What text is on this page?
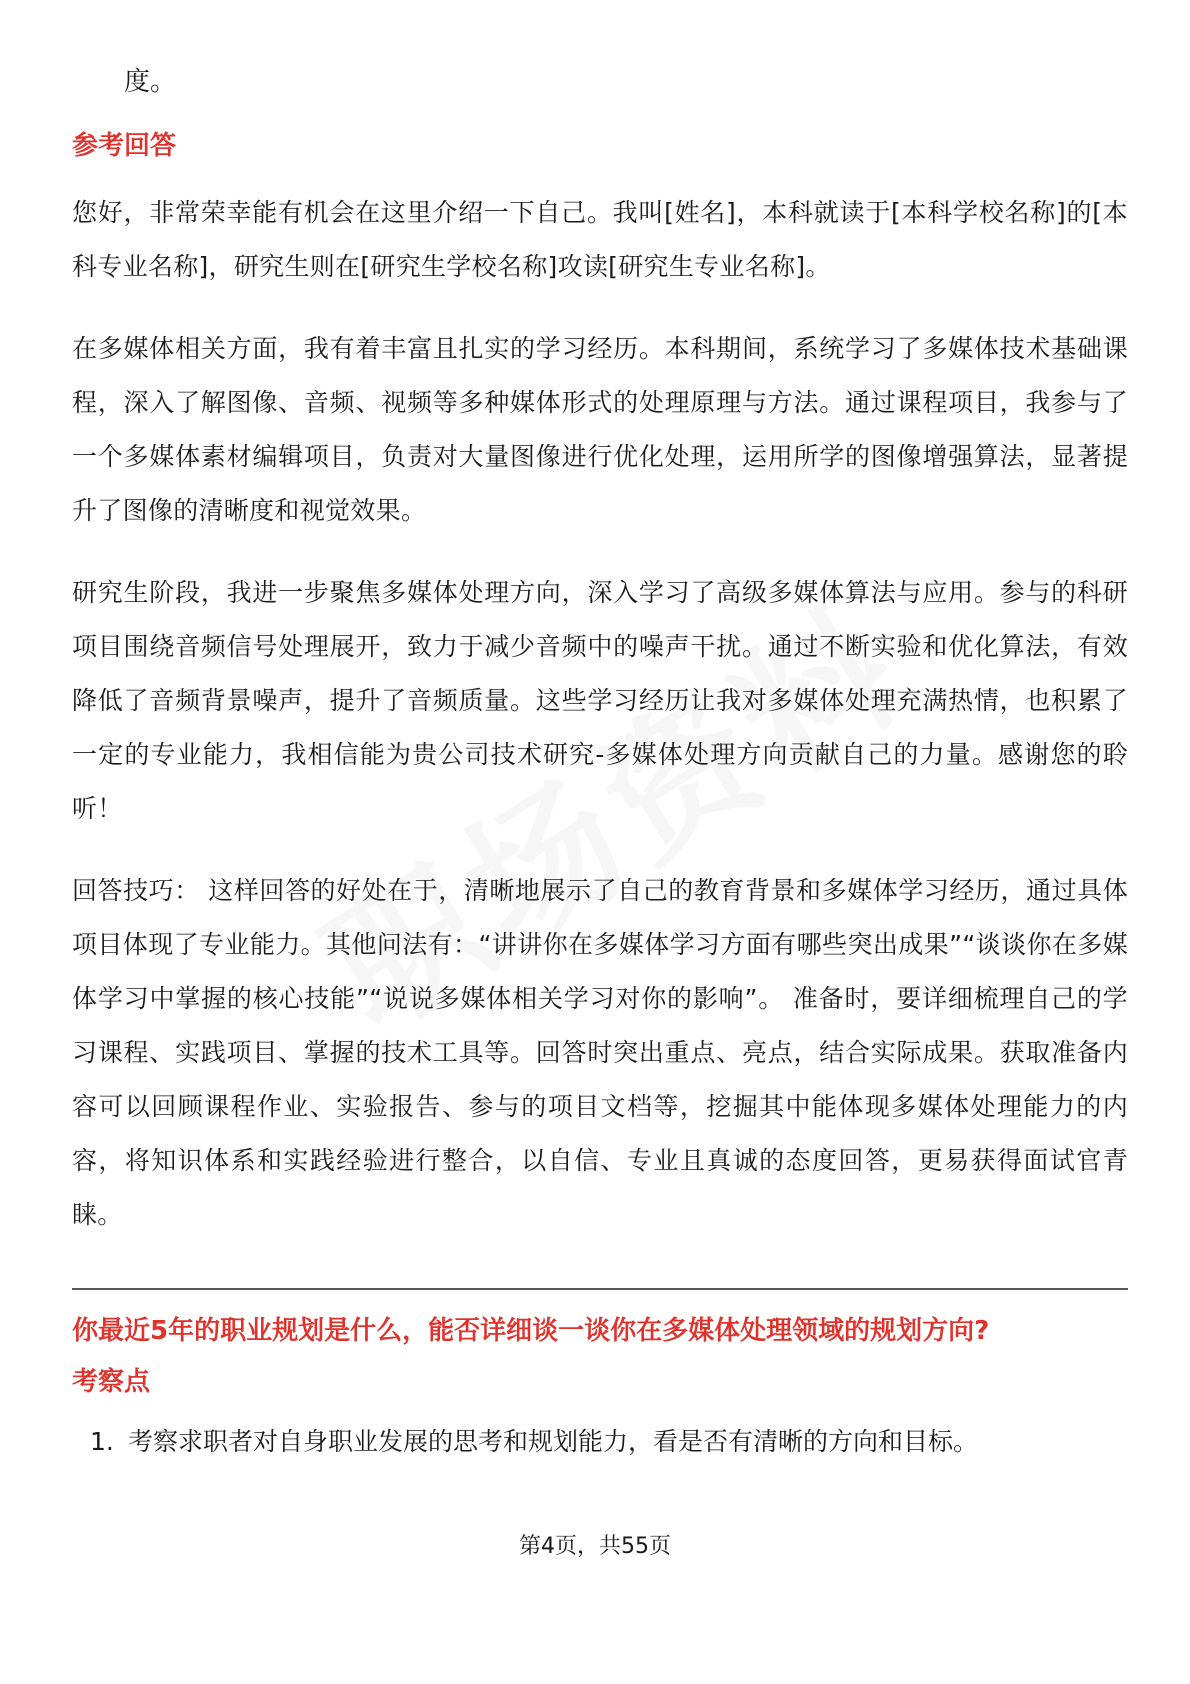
度。

参考回答

您好，非常荣幸能有机会在这里介绍一下自己。我叫[姓名]，本科就读于[本科学校名称]的[本科专业名称]，研究生则在[研究生学校名称]攻读[研究生专业名称]。

在多媒体相关方面，我有着丰富且扎实的学习经历。本科期间，系统学习了多媒体技术基础课程，深入了解图像、音频、视频等多种媒体形式的处理原理与方法。通过课程项目，我参与了一个多媒体素材编辑项目，负责对大量图像进行优化处理，运用所学的图像增强算法，显著提升了图像的清晰度和视觉效果。

研究生阶段，我进一步聚焦多媒体处理方向，深入学习了高级多媒体算法与应用。参与的科研项目围绕音频信号处理展开，致力于减少音频中的噪声干扰。通过不断实验和优化算法，有效降低了音频背景噪声，提升了音频质量。这些学习经历让我对多媒体处理充满热情，也积累了一定的专业能力，我相信能为贵公司技术研究-多媒体处理方向贡献自己的力量。感谢您的聆听！

回答技巧： 这样回答的好处在于，清晰地展示了自己的教育背景和多媒体学习经历，通过具体项目体现了专业能力。其他问法有：“讲讲你在多媒体学习方面有哪些突出成果”“谈谈你在多媒体学习中掌握的核心技能”“说说多媒体相关学习对你的影响”。 准备时，要详细梳理自己的学习课程、实践项目、掌握的技术工具等。回答时突出重点、亮点，结合实际成果。获取准备内容可以回顾课程作业、实验报告、参与的项目文档等，挖掘其中能体现多媒体处理能力的内容，将知识体系和实践经验进行整合，以自信、专业且真诚的态度回答，更易获得面试官青睐。

你最近5年的职业规划是什么，能否详细谈一谈你在多媒体处理领域的规划方向?
考察点
1. 考察求职者对自身职业发展的思考和规划能力，看是否有清晰的方向和目标。
第4页，共55页
